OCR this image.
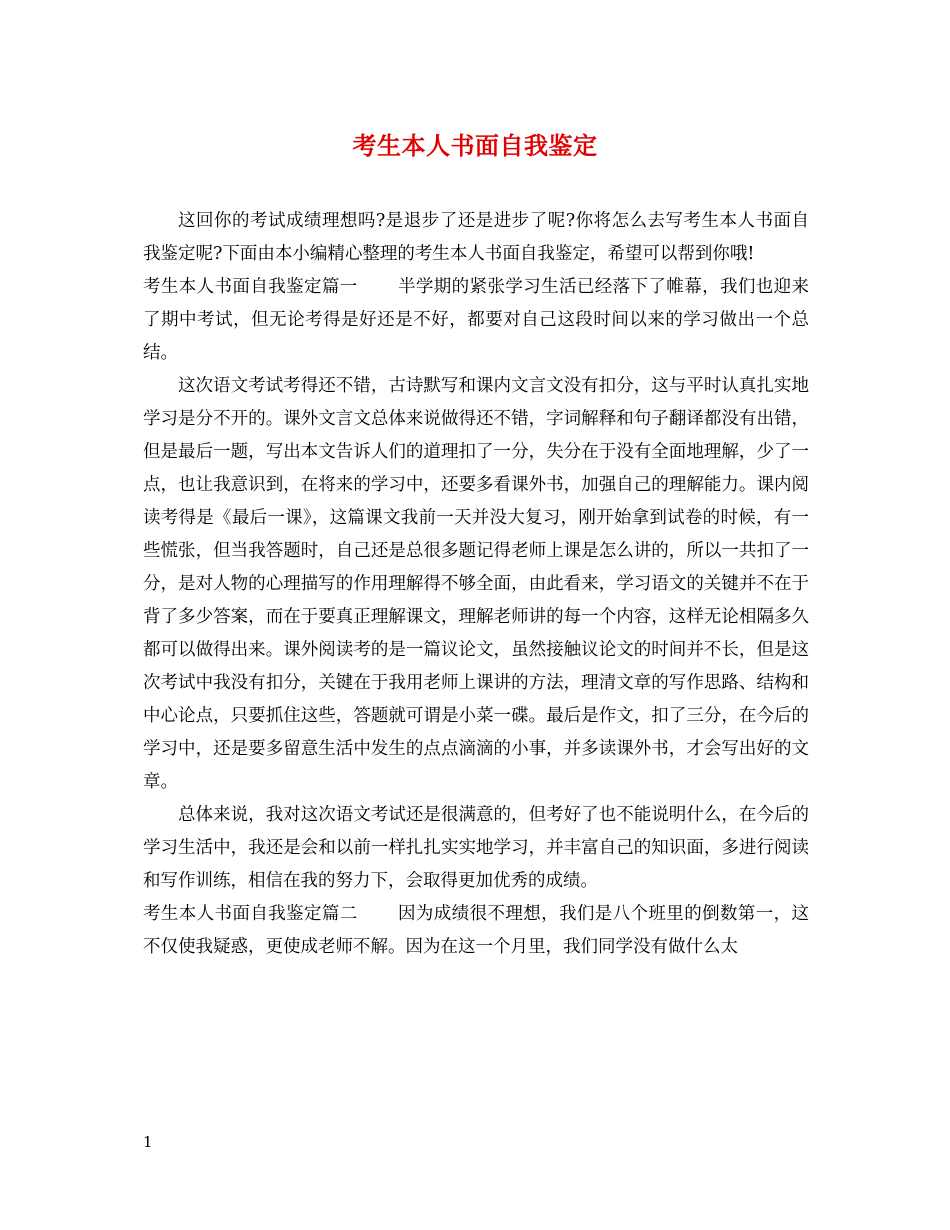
考生本人书面自我鉴定

这回你的考试成绩理想吗?是退步了还是进步了呢?你将怎么去写考生本人书面自我鉴定呢?下面由本小编精心整理的考生本人书面自我鉴定，希望可以帮到你哦!

考生本人书面自我鉴定篇一 半学期的紧张学习生活已经落下了帷幕，我们也迎来了期中考试，但无论考得是好还是不好，都要对自己这段时间以来的学习做出一个总结。

这次语文考试考得还不错，古诗默写和课内文言文没有扣分，这与平时认真扎实地学习是分不开的。课外文言文总体来说做得还不错，字词解释和句子翻译都没有出错，但是最后一题，写出本文告诉人们的道理扣了一分，失分在于没有全面地理解，少了一点，也让我意识到，在将来的学习中，还要多看课外书，加强自己的理解能力。课内阅读考得是《最后一课》，这篇课文我前一天并没大复习，刚开始拿到试卷的时候，有一些慌张，但当我答题时，自己还是总很多题记得老师上课是怎么讲的，所以一共扣了一分，是对人物的心理描写的作用理解得不够全面，由此看来，学习语文的关键并不在于背了多少答案，而在于要真正理解课文，理解老师讲的每一个内容，这样无论相隔多久都可以做得出来。课外阅读考的是一篇议论文，虽然接触议论文的时间并不长，但是这次考试中我没有扣分，关键在于我用老师上课讲的方法，理清文章的写作思路、结构和中心论点，只要抓住这些，答题就可谓是小菜一碟。最后是作文，扣了三分，在今后的学习中，还是要多留意生活中发生的点点滴滴的小事，并多读课外书，才会写出好的文章。

总体来说，我对这次语文考试还是很满意的，但考好了也不能说明什么，在今后的学习生活中，我还是会和以前一样扎扎实实地学习，并丰富自己的知识面，多进行阅读和写作训练，相信在我的努力下，会取得更加优秀的成绩。

考生本人书面自我鉴定篇二 因为成绩很不理想，我们是八个班里的倒数第一，这不仅使我疑惑，更使成老师不解。因为在这一个月里，我们同学没有做什么太

1
